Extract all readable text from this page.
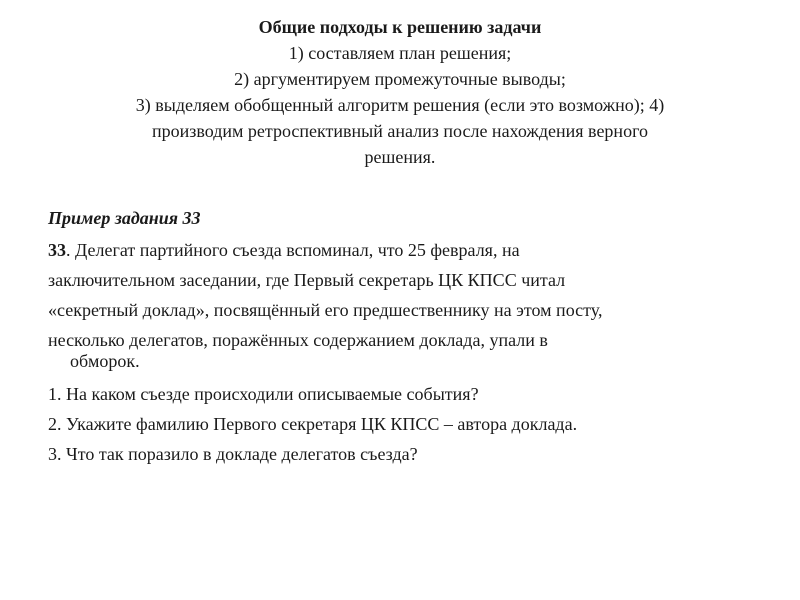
Общие подходы к решению задачи
1) составляем план решения;
2) аргументируем промежуточные выводы;
3) выделяем обобщенный алгоритм решения (если это возможно); 4)
производим ретроспективный анализ после нахождения верного
решения.
Пример задания 33
33. Делегат партийного съезда вспоминал, что 25 февраля, на
заключительном заседании, где Первый секретарь ЦК КПСС читал
«секретный доклад», посвящённый его предшественнику на этом посту,
несколько делегатов, поражённых содержанием доклада, упали в
обморок.
1. На каком съезде происходили описываемые события?
2. Укажите фамилию Первого секретаря ЦК КПСС – автора доклада.
3. Что так поразило в докладе делегатов съезда?
